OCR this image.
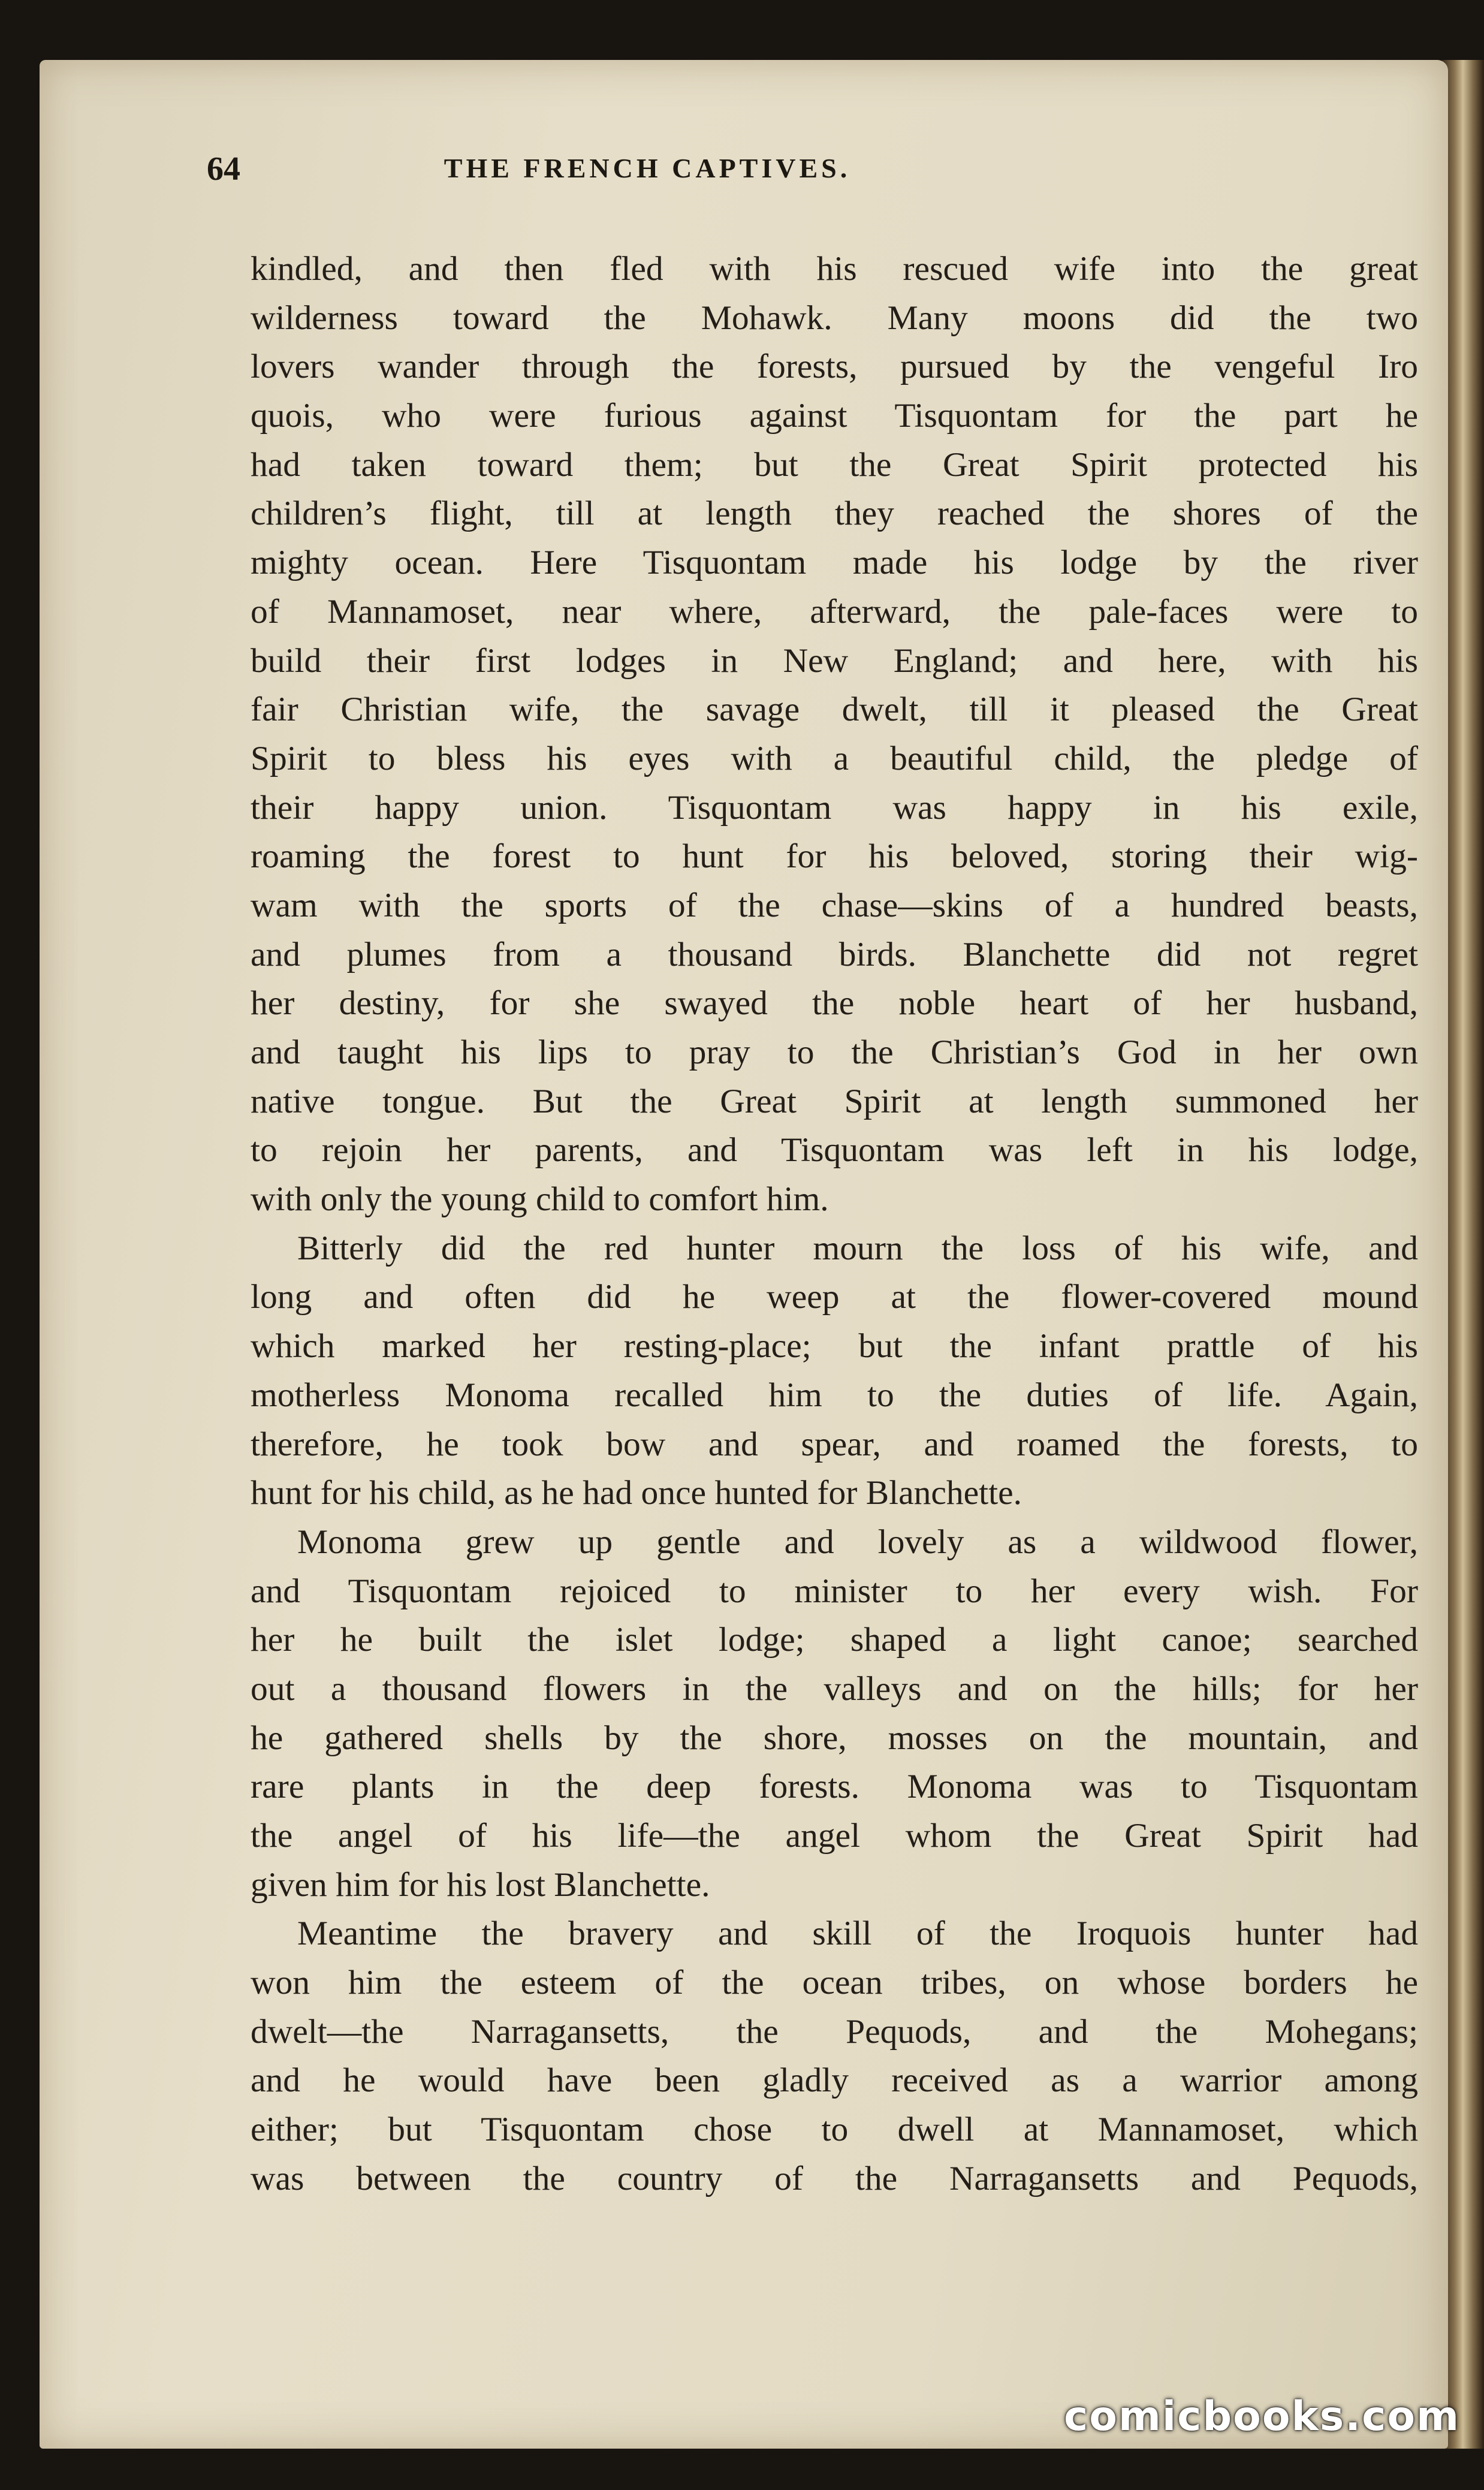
64	THE FRENCH CAPTIVES.
kindled, and then fled with his rescued wife into the great
wilderness toward the Mohawk. Many moons did the two
lovers wander through the forests, pursued by the vengeful Iro
quois, who were furious against Tisquontam for the part he
had taken toward them; but the Great Spirit protected his
children’s flight, till at length they reached the shores of the
mighty ocean. Here Tisquontam made his lodge by the river
of Mannamoset, near where, afterward, the pale-faces were to
build their first lodges in New England; and here, with his
fair Christian wife, the savage dwelt, till it pleased the Great
Spirit to bless his eyes with a beautiful child, the pledge of
their happy union. Tisquontam was happy in his exile,
roaming the forest to hunt for his beloved, storing their wig-
wam with the sports of the chase—skins of a hundred beasts,
and plumes from a thousand birds. Blanchette did not regret
her destiny, for she swayed the noble heart of her husband,
and taught his lips to pray to the Christian’s God in her own
native tongue. But the Great Spirit at length summoned her
to rejoin her parents, and Tisquontam was left in his lodge,
with only the young child to comfort him.
Bitterly did the red hunter mourn the loss of his wife, and
long and often did he weep at the flower-covered mound
which marked her resting-place; but the infant prattle of his
motherless Monoma recalled him to the duties of life. Again,
therefore, he took bow and spear, and roamed the forests, to
hunt for his child, as he had once hunted for Blanchette.
Monoma grew up gentle and lovely as a wildwood flower,
and Tisquontam rejoiced to minister to her every wish. For
her he built the islet lodge; shaped a light canoe; searched
out a thousand flowers in the valleys and on the hills; for her
he gathered shells by the shore, mosses on the mountain, and
rare plants in the deep forests. Monoma was to Tisquontam
the angel of his life—the angel whom the Great Spirit had
given him for his lost Blanchette.
Meantime the bravery and skill of the Iroquois hunter had
won him the esteem of the ocean tribes, on whose borders he
dwelt—the Narragansetts, the Pequods, and the Mohegans;
and he would have been gladly received as a warrior among
either; but Tisquontam chose to dwell at Mannamoset, which
was between the country of the Narragansetts and Pequods,
comicbooks.com
